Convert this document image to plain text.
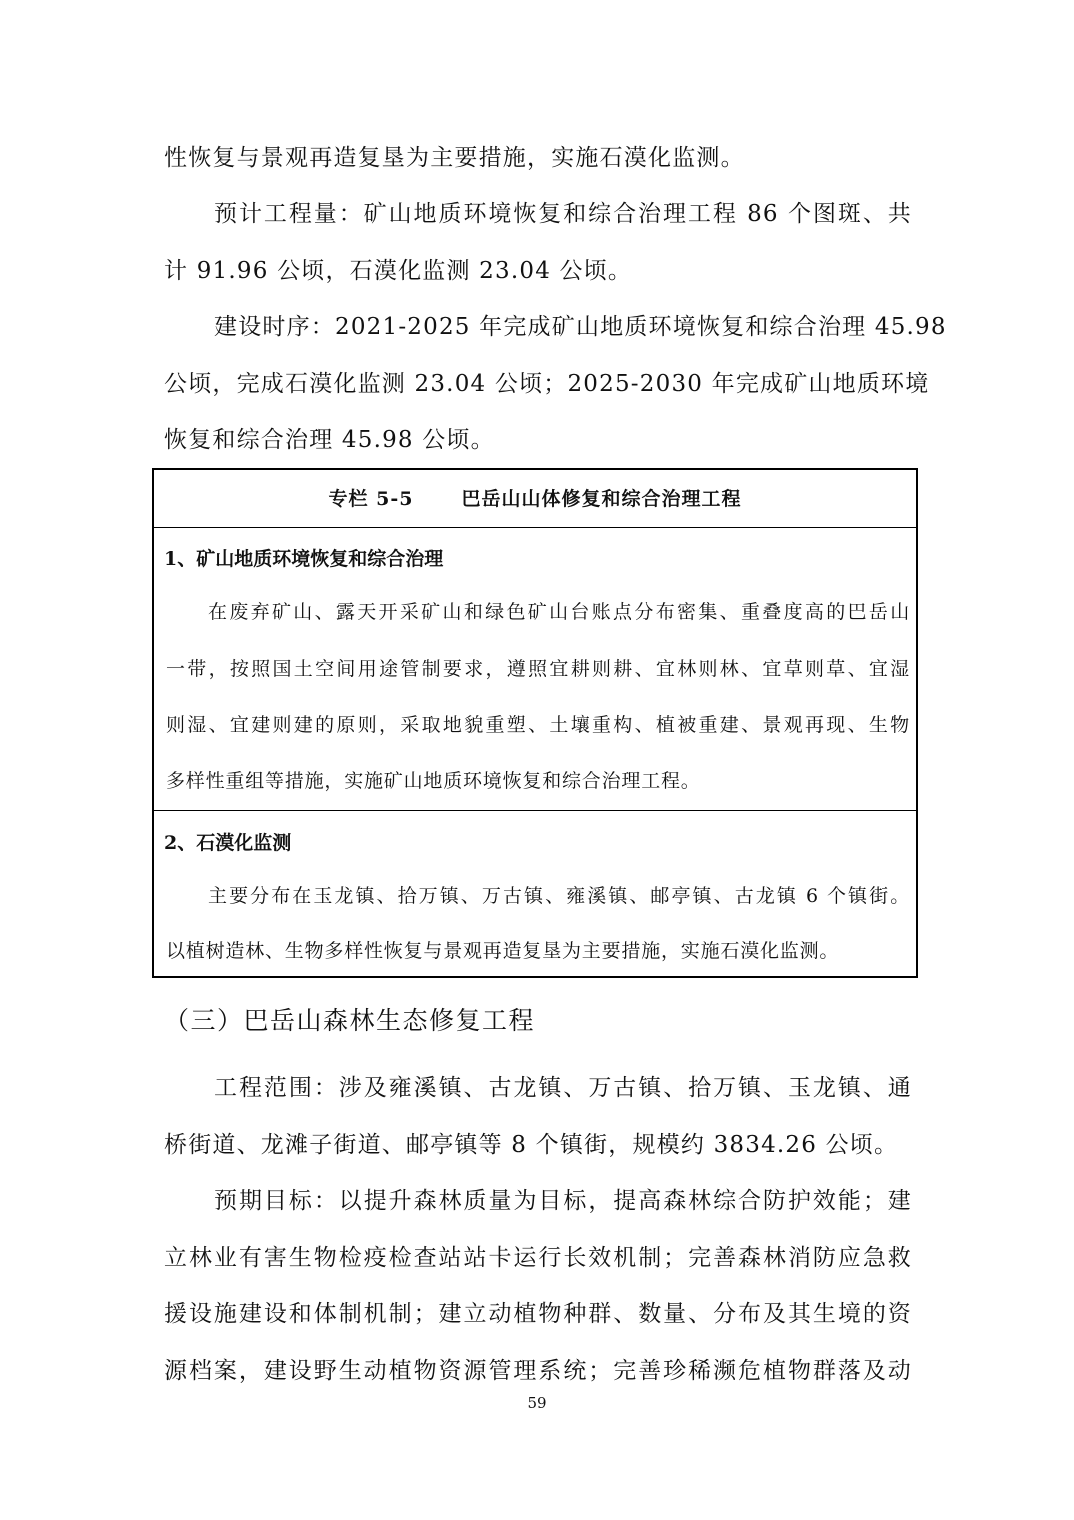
性恢复与景观再造复垦为主要措施，实施石漠化监测。
预计工程量：矿山地质环境恢复和综合治理工程 86 个图斑、共
计 91.96 公顷，石漠化监测 23.04 公顷。
建设时序：2021-2025 年完成矿山地质环境恢复和综合治理 45.98
公顷，完成石漠化监测 23.04 公顷；2025-2030 年完成矿山地质环境
恢复和综合治理 45.98 公顷。
专栏 5-5	巴岳山山体修复和综合治理工程
1、矿山地质环境恢复和综合治理
在废弃矿山、露天开采矿山和绿色矿山台账点分布密集、重叠度高的巴岳山
一带，按照国土空间用途管制要求，遵照宜耕则耕、宜林则林、宜草则草、宜湿
则湿、宜建则建的原则，采取地貌重塑、土壤重构、植被重建、景观再现、生物
多样性重组等措施，实施矿山地质环境恢复和综合治理工程。
2、石漠化监测
主要分布在玉龙镇、拾万镇、万古镇、雍溪镇、邮亭镇、古龙镇 6 个镇街。
以植树造林、生物多样性恢复与景观再造复垦为主要措施，实施石漠化监测。
（三）巴岳山森林生态修复工程
工程范围：涉及雍溪镇、古龙镇、万古镇、拾万镇、玉龙镇、通
桥街道、龙滩子街道、邮亭镇等 8 个镇街，规模约 3834.26 公顷。
预期目标：以提升森林质量为目标，提高森林综合防护效能；建
立林业有害生物检疫检查站站卡运行长效机制；完善森林消防应急救
援设施建设和体制机制；建立动植物种群、数量、分布及其生境的资
源档案，建设野生动植物资源管理系统；完善珍稀濒危植物群落及动
59
